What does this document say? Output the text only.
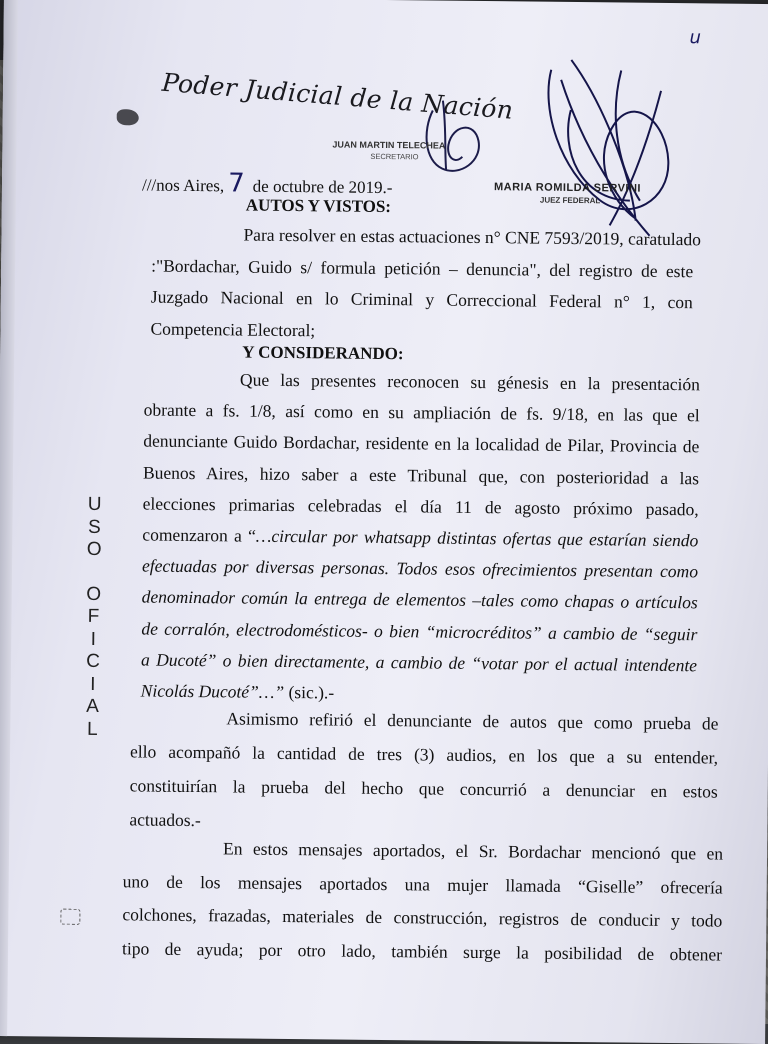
u
Poder Judicial de la Nación
JUAN MARTIN TELECHEA
SECRETARIO
MARIA ROMILDA SERVINI
JUEZ FEDERAL
///nos Aires, 7 de octubre de 2019.-
AUTOS Y VISTOS:
Para resolver en estas actuaciones n° CNE 7593/2019, caratulado
:"Bordachar, Guido s/ formula petición – denuncia", del registro de este
Juzgado Nacional en lo Criminal y Correccional Federal n° 1, con
Competencia Electoral;
Y CONSIDERANDO:
U
S
O
O
F
I
C
I
A
L
Que las presentes reconocen su génesis en la presentación
obrante a fs. 1/8, así como en su ampliación de fs. 9/18, en las que el
denunciante Guido Bordachar, residente en la localidad de Pilar, Provincia de
Buenos Aires, hizo saber a este Tribunal que, con posterioridad a las
elecciones primarias celebradas el día 11 de agosto próximo pasado,
comenzaron a “…circular por whatsapp distintas ofertas que estarían siendo
efectuadas por diversas personas. Todos esos ofrecimientos presentan como
denominador común la entrega de elementos –tales como chapas o artículos
de corralón, electrodomésticos- o bien “microcréditos” a cambio de “seguir
a Ducoté” o bien directamente, a cambio de “votar por el actual intendente
Nicolás Ducoté”…” (sic.).-
Asimismo refirió el denunciante de autos que como prueba de
ello acompañó la cantidad de tres (3) audios, en los que a su entender,
constituirían la prueba del hecho que concurrió a denunciar en estos
actuados.-
En estos mensajes aportados, el Sr. Bordachar mencionó que en
uno de los mensajes aportados una mujer llamada “Giselle” ofrecería
colchones, frazadas, materiales de construcción, registros de conducir y todo
tipo de ayuda; por otro lado, también surge la posibilidad de obtener
